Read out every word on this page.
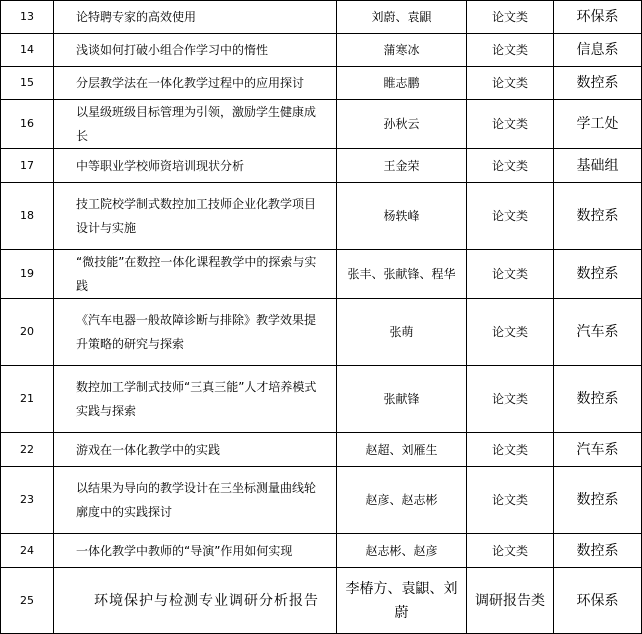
13	论特聘专家的高效使用	刘蔚、袁鼰	论文类	环保系
14	浅谈如何打破小组合作学习中的惰性	蒲寒冰	论文类	信息系
15	分层教学法在一体化教学过程中的应用探讨	睢志鹏	论文类	数控系
16	以星级班级目标管理为引领，激励学生健康成长	孙秋云	论文类	学工处
17	中等职业学校师资培训现状分析	王金荣	论文类	基础组
18	技工院校学制式数控加工技师企业化教学项目设计与实施	杨轶峰	论文类	数控系
19	“微技能”在数控一体化课程教学中的探索与实践	张丰、张献锋、程华	论文类	数控系
20	《汽车电器一般故障诊断与排除》教学效果提升策略的研究与探索	张萌	论文类	汽车系
21	数控加工学制式技师“三真三能”人才培养模式实践与探索	张献锋	论文类	数控系
22	游戏在一体化教学中的实践	赵超、刘雁生	论文类	汽车系
23	以结果为导向的教学设计在三坐标测量曲线轮廓度中的实践探讨	赵彦、赵志彬	论文类	数控系
24	一体化教学中教师的“导演”作用如何实现	赵志彬、赵彦	论文类	数控系
25	环境保护与检测专业调研分析报告	李椿方、袁鼰、刘蔚	调研报告类	环保系
